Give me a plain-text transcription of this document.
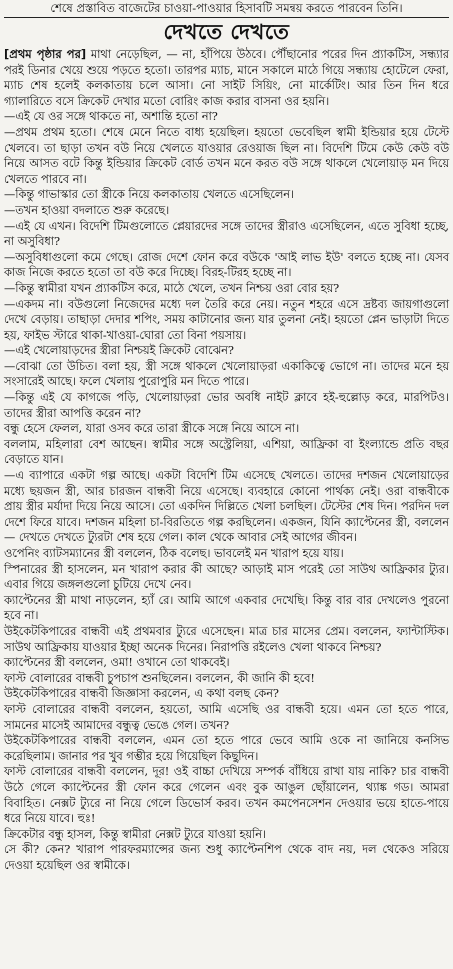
শেষে প্রস্তাবিত বাজেটের চাওয়া-পাওয়ার হিসাবটি সমন্বয় করতে পারবেন তিনি।
দেখতে দেখতে

[প্রথম পৃষ্ঠার পর] মাথা নেড়েছিল, — না, হাঁপিয়ে উঠবে। পৌঁছানোর পরের দিন প্র্যাকটিস, সন্ধ্যার পরই ডিনার খেয়ে শুয়ে পড়তে হতো। তারপর ম্যাচ, মানে সকালে মাঠে গিয়ে সন্ধ্যায় হোটেলে ফেরা, ম্যাচ শেষ হলেই কলকাতায় চলে আসা। নো সাইট সিয়িং, নো মার্কেটিং। আর তিন দিন ধরে গ্যালারিতে বসে ক্রিকেট দেখার মতো বোরিং কাজ করার বাসনা ওর হয়নি।

—এই যে ওর সঙ্গে থাকতে না, অশান্তি হতো না?

—প্রথম প্রথম হতো। শেষে মেনে নিতে বাধ্য হয়েছিল। হয়তো ভেবেছিল স্বামী ইন্ডিয়ার হয়ে টেস্টে খেলবে। তা ছাড়া তখন বউ নিয়ে খেলতে যাওয়ার রেওয়াজ ছিল না। বিদেশি টিমে কেউ কেউ বউ নিয়ে আসত বটে কিন্তু ইন্ডিয়ার ক্রিকেট বোর্ড তখন মনে করত বউ সঙ্গে থাকলে খেলোয়াড় মন দিয়ে খেলতে পারবে না।

—কিন্তু গাভাস্কার তো স্ত্রীকে নিয়ে কলকাতায় খেলতে এসেছিলেন।

—তখন হাওয়া বদলাতে শুরু করেছে।

—এই যে এখন। বিদেশি টিমগুলোতে প্লেয়ারদের সঙ্গে তাদের স্ত্রীরাও এসেছিলেন, এতে সুবিধা হচ্ছে, না অসুবিধা?

—অসুবিধাগুলো কমে গেছে। রোজ দেশে ফোন করে বউকে 'আই লাভ ইউ' বলতে হচ্ছে না। যেসব কাজ নিজে করতে হতো তা বউ করে দিচ্ছে। বিরহ-টিরহ হচ্ছে না।

—কিন্তু স্বামীরা যখন প্র্যাকটিস করে, মাঠে খেলে, তখন নিশ্চয় ওরা বোর হয়?

—একদম না। বউগুলো নিজেদের মধ্যে দল তৈরি করে নেয়। নতুন শহরে এসে দ্রষ্টব্য জায়গাগুলো দেখে বেড়ায়। তাছাড়া দেদার শপিং, সময় কাটানোর জন্য যার তুলনা নেই। হয়তো প্লেন ভাড়াটা দিতে হয়, ফাইভ স্টারে থাকা-খাওয়া-ঘোরা তো বিনা পয়সায়।

—এই খেলোয়াড়দের স্ত্রীরা নিশ্চয়ই ক্রিকেট বোঝেন?

—বোঝা তো উচিত। বলা হয়, স্ত্রী সঙ্গে থাকলে খেলোয়াড়রা একাকিত্বে ভোগে না। তাদের মনে হয় সংসারেই আছে। ফলে খেলায় পুরোপুরি মন দিতে পারে।

—কিন্তু এই যে কাগজে পড়ি, খেলোয়াড়রা ভোর অবধি নাইট ক্লাবে হই-হুল্লোড় করে, মারপিটও। তাদের স্ত্রীরা আপত্তি করেন না?

বন্ধু হেসে ফেলল, যারা ওসব করে তারা স্ত্রীকে সঙ্গে নিয়ে আসে না।

বললাম, মহিলারা বেশ আছেন। স্বামীর সঙ্গে অস্ট্রেলিয়া, এশিয়া, আফ্রিকা বা ইংল্যান্ডে প্রতি বছর বেড়াতে যান।

—এ ব্যাপারে একটা গল্প আছে। একটা বিদেশি টিম এসেছে খেলতে। তাদের দশজন খেলোয়াড়ের মধ্যে ছয়জন স্ত্রী, আর চারজন বান্ধবী নিয়ে এসেছে। ব্যবহারে কোনো পার্থক্য নেই। ওরা বান্ধবীকে প্রায় স্ত্রীর মর্যাদা দিয়ে নিয়ে আসে। তো একদিন দিল্লিতে খেলা চলছিল। টেস্টের শেষ দিন। পরদিন দল দেশে ফিরে যাবে। দশজন মহিলা চা-বিরতিতে গল্প করছিলেন। একজন, যিনি ক্যাপ্টেনের স্ত্রী, বললেন— দেখতে দেখতে ট্যুরটা শেষ হয়ে গেল। কাল থেকে আবার সেই আগের জীবন।

ওপেনিং ব্যাটসম্যানের স্ত্রী বললেন, ঠিক বলেছ। ভাবলেই মন খারাপ হয়ে যায়।

স্পিনারের স্ত্রী হাসলেন, মন খারাপ করার কী আছে? আড়াই মাস পরেই তো সাউথ আফ্রিকার ট্যুর। এবার গিয়ে জঙ্গলগুলো চুটিয়ে দেখে নেব।

ক্যাপ্টেনের স্ত্রী মাথা নাড়লেন, হ্যাঁ রে। আমি আগে একবার দেখেছি। কিন্তু বার বার দেখলেও পুরনো হবে না।

উইকেটকিপারের বান্ধবী এই প্রথমবার ট্যুরে এসেছেন। মাত্র চার মাসের প্রেম। বললেন, ফ্যান্টাস্টিক। সাউথ আফ্রিকায় যাওয়ার ইচ্ছা অনেক দিনের। নিরাপত্তি রইলেও খেলা থাকবে নিশ্চয়?

ক্যাপ্টেনের স্ত্রী বললেন, ওমা! ওখানে তো থাকবেই।

ফাস্ট বোলারের বান্ধবী চুপচাপ শুনছিলেন। বললেন, কী জানি কী হবে!

উইকেটকিপারের বান্ধবী জিজ্ঞাসা করলেন, এ কথা বলছ কেন?

ফাস্ট বোলারের বান্ধবী বললেন, হয়তো, আমি এসেছি ওর বান্ধবী হয়ে। এমন তো হতে পারে, সামনের মাসেই আমাদের বন্ধুত্ব ভেঙে গেল। তখন?

উইকেটকিপারের বান্ধবী বললেন, এমন তো হতে পারে ভেবে আমি ওকে না জানিয়ে কনসিভ করেছিলাম। জানার পর খুব গম্ভীর হয়ে গিয়েছিল কিছুদিন।

ফাস্ট বোলারের বান্ধবী বললেন, দূর! ওই বাচ্চা দেখিয়ে সম্পর্ক বাঁধিয়ে রাখা যায় নাকি? চার বান্ধবী উঠে গেলে ক্যাপ্টেনের স্ত্রী ফোন করে গেলেন এবং বুক আঙুল ছোঁয়ালেন, থ্যাঙ্ক গড। আমরা বিবাহিত। নেক্সট ট্যুরে না নিয়ে গেলে ডিভোর্স করব। তখন কমপেনসেশন দেওয়ার ভয়ে হাতে-পায়ে ধরে নিয়ে যাবে। হুঃ!

ক্রিকেটার বন্ধু হাসল, কিন্তু স্বামীরা নেক্সট ট্যুরে যাওয়া হয়নি।

সে কী? কেন? খারাপ পারফরম্যান্সের জন্য শুধু ক্যাপ্টেনশিপ থেকে বাদ নয়, দল থেকেও সরিয়ে দেওয়া হয়েছিল ওর স্বামীকে।
